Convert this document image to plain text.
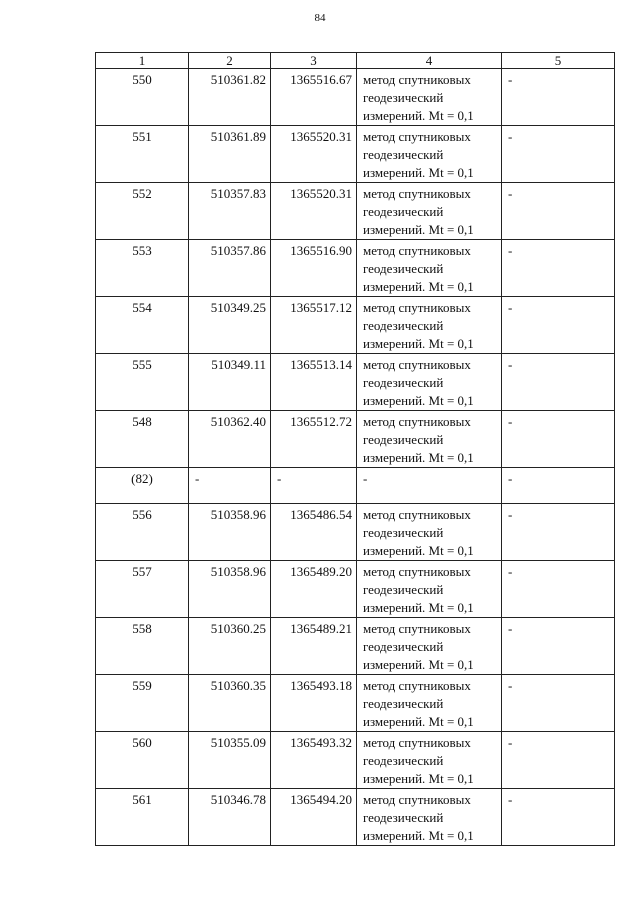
84
1	2	3	4	5
550	510361.82	1365516.67	метод спутниковых
геодезический
измерений. Mt = 0,1	-
551	510361.89	1365520.31	метод спутниковых
геодезический
измерений. Mt = 0,1	-
552	510357.83	1365520.31	метод спутниковых
геодезический
измерений. Mt = 0,1	-
553	510357.86	1365516.90	метод спутниковых
геодезический
измерений. Mt = 0,1	-
554	510349.25	1365517.12	метод спутниковых
геодезический
измерений. Mt = 0,1	-
555	510349.11	1365513.14	метод спутниковых
геодезический
измерений. Mt = 0,1	-
548	510362.40	1365512.72	метод спутниковых
геодезический
измерений. Mt = 0,1	-
(82)	-	-	-	-
556	510358.96	1365486.54	метод спутниковых
геодезический
измерений. Mt = 0,1	-
557	510358.96	1365489.20	метод спутниковых
геодезический
измерений. Mt = 0,1	-
558	510360.25	1365489.21	метод спутниковых
геодезический
измерений. Mt = 0,1	-
559	510360.35	1365493.18	метод спутниковых
геодезический
измерений. Mt = 0,1	-
560	510355.09	1365493.32	метод спутниковых
геодезический
измерений. Mt = 0,1	-
561	510346.78	1365494.20	метод спутниковых
геодезический
измерений. Mt = 0,1	-
